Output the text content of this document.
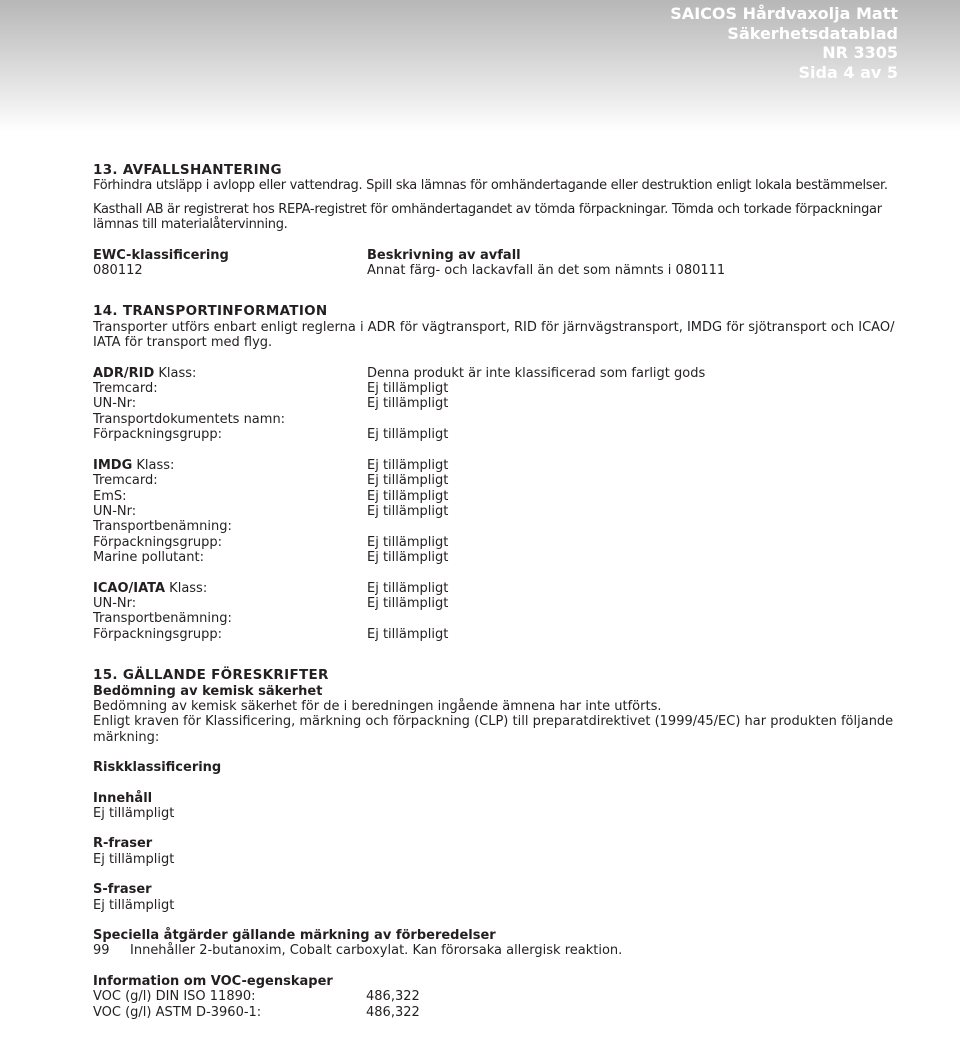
SAICOS Hårdvaxolja Matt
Säkerhetsdatablad
NR 3305
Sida 4 av 5
13. AVFALLSHANTERING

Förhindra utsläpp i avlopp eller vattendrag. Spill ska lämnas för omhändertagande eller destruktion enligt lokala bestämmelser.

Kasthall AB är registrerat hos REPA-registret för omhändertagandet av tömda förpackningar. Tömda och torkade förpackningar lämnas till materialåtervinning.

EWC-klassificering	Beskrivning av avfall
080112	Annat färg- och lackavfall än det som nämnts i 080111
14. TRANSPORTINFORMATION

Transporter utförs enbart enligt reglerna i ADR för vägtransport, RID för järnvägstransport, IMDG för sjötransport och ICAO/ IATA för transport med flyg.

ADR/RID Klass:	Denna produkt är inte klassificerad som farligt gods
Tremcard:	Ej tillämpligt
UN-Nr:	Ej tillämpligt
Transportdokumentets namn:
Förpackningsgrupp:	Ej tillämpligt
IMDG Klass:	Ej tillämpligt
Tremcard:	Ej tillämpligt
EmS:	Ej tillämpligt
UN-Nr:	Ej tillämpligt
Transportbenämning:
Förpackningsgrupp:	Ej tillämpligt
Marine pollutant:	Ej tillämpligt
ICAO/IATA Klass:	Ej tillämpligt
UN-Nr:	Ej tillämpligt
Transportbenämning:
Förpackningsgrupp:	Ej tillämpligt
15. GÄLLANDE FÖRESKRIFTER
Bedömning av kemisk säkerhet

Bedömning av kemisk säkerhet för de i beredningen ingående ämnena har inte utförts.

Enligt kraven för Klassificering, märkning och förpackning (CLP) till preparatdirektivet (1999/45/EC) har produkten följande märkning:

Riskklassificering
Innehåll
Ej tillämpligt
R-fraser
Ej tillämpligt
S-fraser
Ej tillämpligt
Speciella åtgärder gällande märkning av förberedelser
99	Innehåller 2-butanoxim, Cobalt carboxylat. Kan förorsaka allergisk reaktion.
Information om VOC-egenskaper
VOC (g/l) DIN ISO 11890:	486,322
VOC (g/l) ASTM D-3960-1:	486,322
